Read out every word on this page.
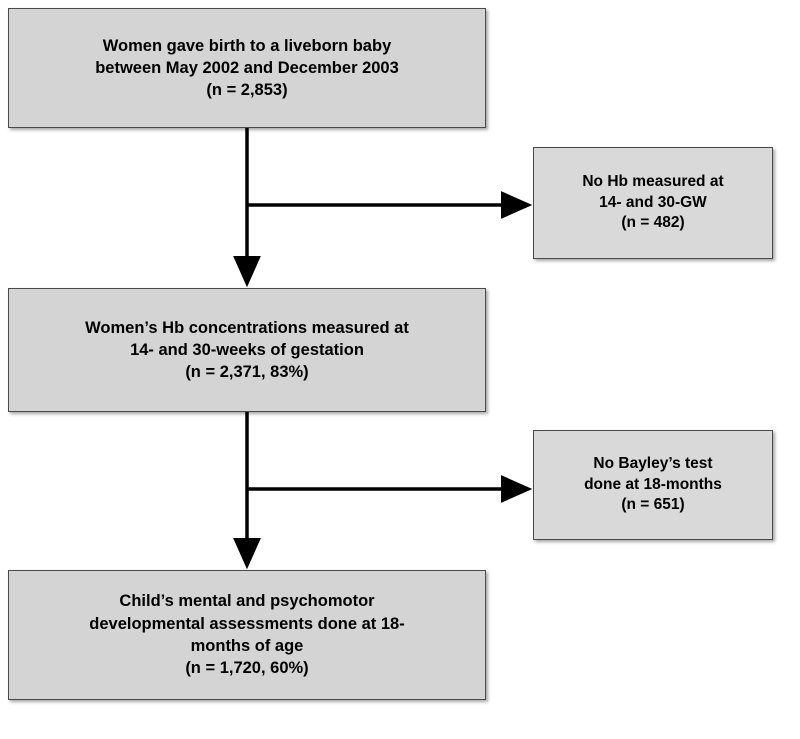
Women gave birth to a liveborn baby
between May 2002 and December 2003
(n = 2,853)
No Hb measured at
14- and 30-GW
(n = 482)
Women’s Hb concentrations measured at
14- and 30-weeks of gestation
(n = 2,371, 83%)
No Bayley’s test
done at 18-months
(n = 651)
Child’s mental and psychomotor
developmental assessments done at 18-
months of age
(n = 1,720, 60%)
